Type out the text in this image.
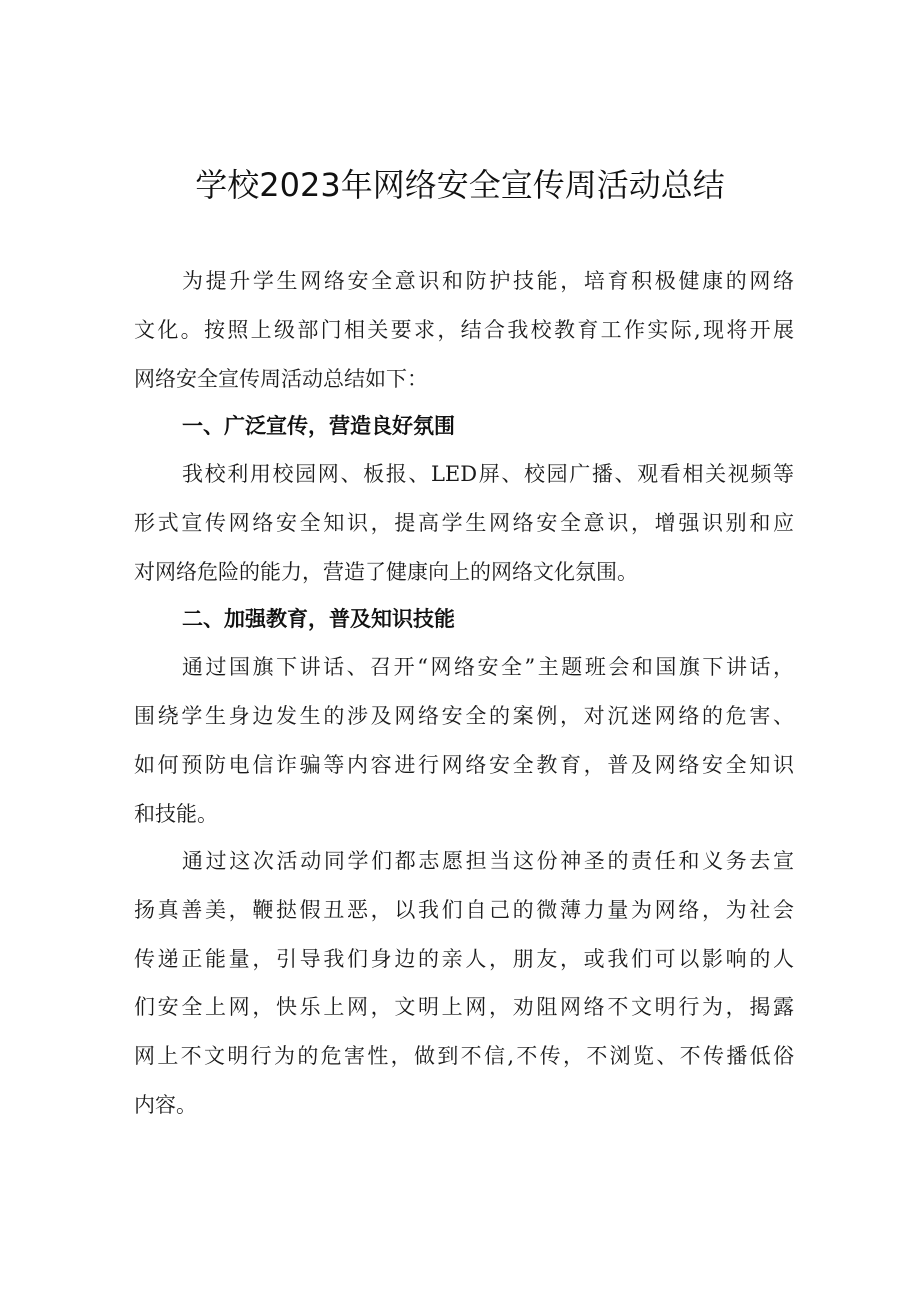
学校2023年网络安全宣传周活动总结
为提升学生网络安全意识和防护技能，培育积极健康的网络
文化。按照上级部门相关要求，结合我校教育工作实际,现将开展
网络安全宣传周活动总结如下：
一、广泛宣传，营造良好氛围
我校利用校园网、板报、LED屏、校园广播、观看相关视频等
形式宣传网络安全知识，提高学生网络安全意识，增强识别和应
对网络危险的能力，营造了健康向上的网络文化氛围。
二、加强教育，普及知识技能
通过国旗下讲话、召开“网络安全”主题班会和国旗下讲话，
围绕学生身边发生的涉及网络安全的案例，对沉迷网络的危害、
如何预防电信诈骗等内容进行网络安全教育，普及网络安全知识
和技能。
通过这次活动同学们都志愿担当这份神圣的责任和义务去宣
扬真善美，鞭挞假丑恶，以我们自己的微薄力量为网络，为社会
传递正能量，引导我们身边的亲人，朋友，或我们可以影响的人
们安全上网，快乐上网，文明上网，劝阻网络不文明行为，揭露
网上不文明行为的危害性，做到不信,不传，不浏览、不传播低俗
内容。
